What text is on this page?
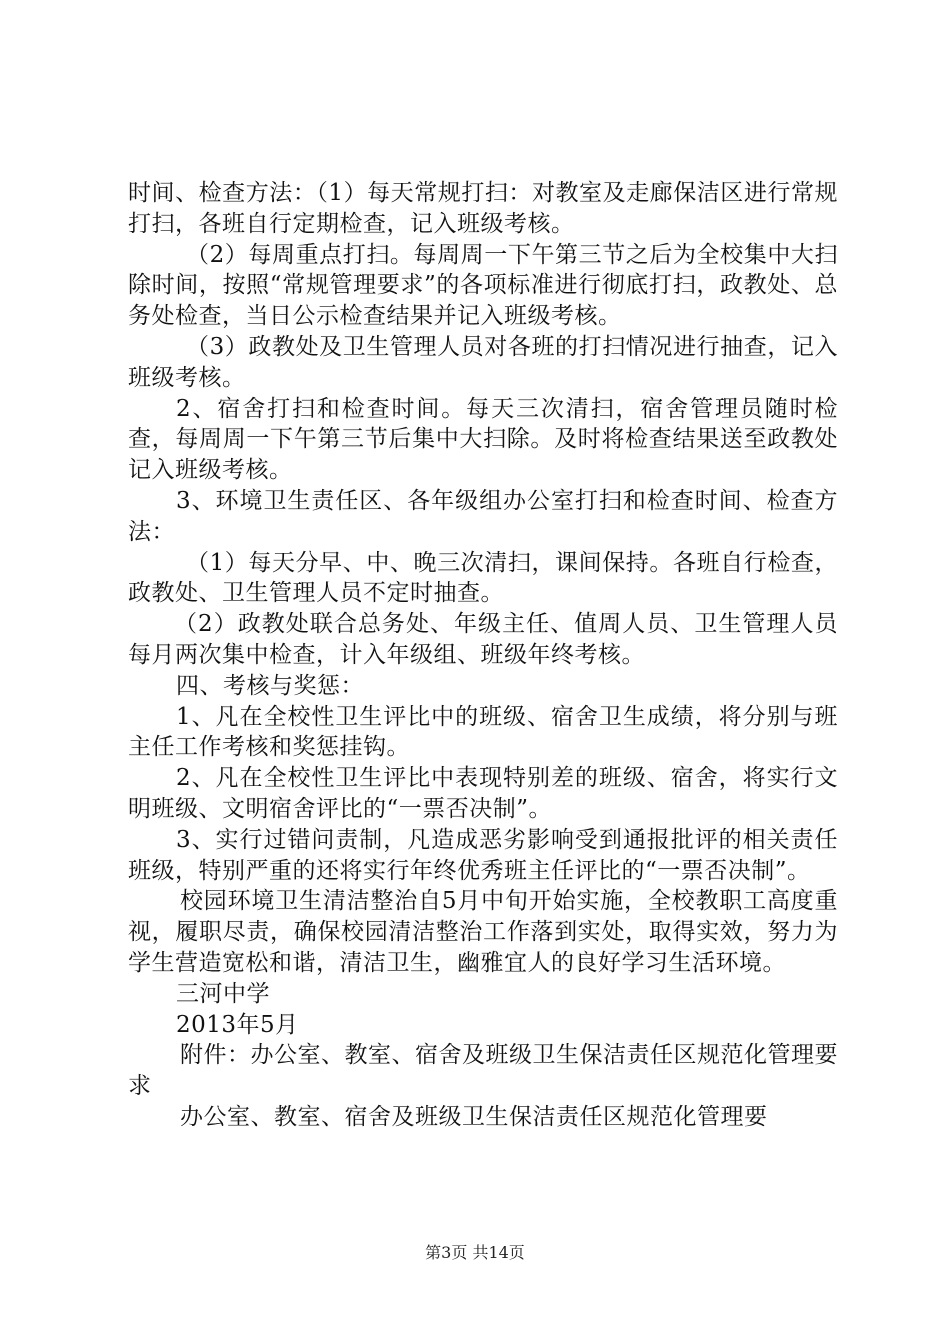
时间、检查方法：（1）每天常规打扫：对教室及走廊保洁区进行常规打扫，各班自行定期检查，记入班级考核。

（2）每周重点打扫。每周周一下午第三节之后为全校集中大扫除时间，按照“常规管理要求”的各项标准进行彻底打扫，政教处、总务处检查，当日公示检查结果并记入班级考核。

（3）政教处及卫生管理人员对各班的打扫情况进行抽查，记入班级考核。

2、宿舍打扫和检查时间。每天三次清扫，宿舍管理员随时检查，每周周一下午第三节后集中大扫除。及时将检查结果送至政教处记入班级考核。

3、环境卫生责任区、各年级组办公室打扫和检查时间、检查方法：

（1）每天分早、中、晚三次清扫，课间保持。各班自行检查，政教处、卫生管理人员不定时抽查。

（2）政教处联合总务处、年级主任、值周人员、卫生管理人员每月两次集中检查，计入年级组、班级年终考核。

四、考核与奖惩：

1、凡在全校性卫生评比中的班级、宿舍卫生成绩，将分别与班主任工作考核和奖惩挂钩。

2、凡在全校性卫生评比中表现特别差的班级、宿舍，将实行文明班级、文明宿舍评比的“一票否决制”。

3、实行过错问责制，凡造成恶劣影响受到通报批评的相关责任班级，特别严重的还将实行年终优秀班主任评比的“一票否决制”。

校园环境卫生清洁整治自5月中旬开始实施，全校教职工高度重视，履职尽责，确保校园清洁整治工作落到实处，取得实效，努力为学生营造宽松和谐，清洁卫生，幽雅宜人的良好学习生活环境。

三河中学

2013年5月

附件：办公室、教室、宿舍及班级卫生保洁责任区规范化管理要求

办公室、教室、宿舍及班级卫生保洁责任区规范化管理要

第3页 共14页
